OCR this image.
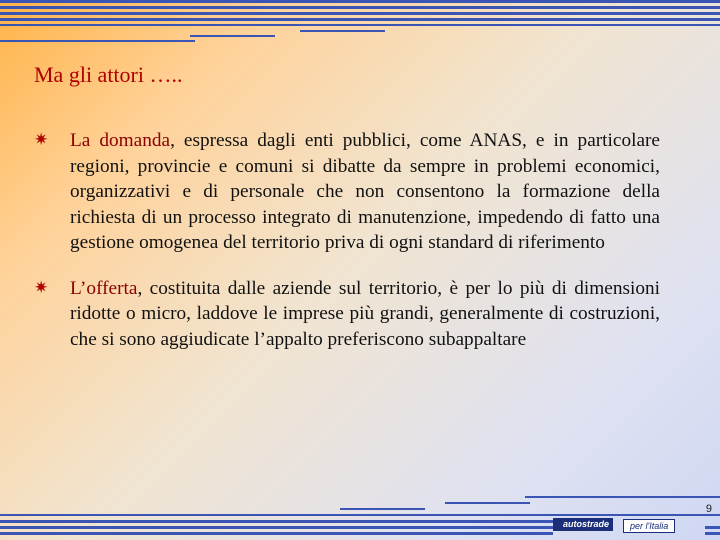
Ma gli attori …..
✷ La domanda, espressa dagli enti pubblici, come ANAS, e in particolare regioni, provincie e comuni si dibatte da sempre in problemi economici, organizzativi e di personale che non consentono la formazione della richiesta di un processo integrato di manutenzione, impedendo di fatto una gestione omogenea del territorio priva di ogni standard di riferimento
✷ L’offerta, costituita dalle aziende sul territorio, è per lo più di dimensioni ridotte o micro, laddove le imprese più grandi, generalmente di costruzioni, che si sono aggiudicate l’appalto preferiscono subappaltare
9
autostrade	per l'Italia
